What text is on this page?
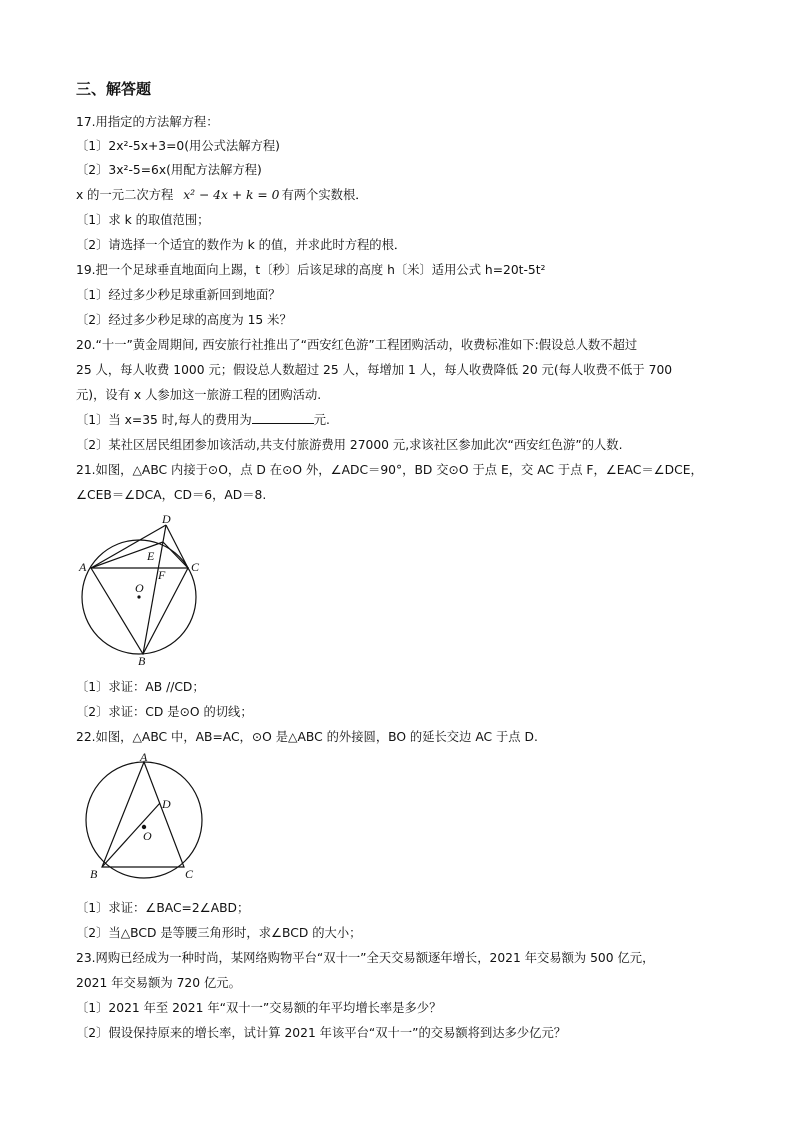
三、解答题
17.用指定的方法解方程：
〔1〕2x²-5x+3=0(用公式法解方程)
〔2〕3x²-5=6x(用配方法解方程)
x 的一元二次方程 x² − 4x + k = 0 有两个实数根．
〔1〕求 k 的取值范围；
〔2〕请选择一个适宜的数作为 k 的值，并求此时方程的根．
19.把一个足球垂直地面向上踢，t〔秒〕后该足球的高度 h〔米〕适用公式 h=20t-5t²
〔1〕经过多少秒足球重新回到地面？
〔2〕经过多少秒足球的高度为 15 米？
20.“十一”黄金周期间, 西安旅行社推出了“西安红色游”工程团购活动，收费标准如下:假设总人数不超过
25 人，每人收费 1000 元；假设总人数超过 25 人，每增加 1 人，每人收费降低 20 元(每人收费不低于 700
元)，设有 x 人参加这一旅游工程的团购活动.
〔1〕当 x=35 时,每人的费用为	元.
〔2〕某社区居民组团参加该活动,共支付旅游费用 27000 元,求该社区参加此次“西安红色游”的人数.
21.如图，△ABC 内接于⊙O，点 D 在⊙O 外，∠ADC＝90°，BD 交⊙O 于点 E，交 AC 于点 F，∠EAC＝∠DCE，
∠CEB＝∠DCA，CD＝6，AD＝8.
A	C
D
E
F
O
B
〔1〕求证：AB //CD；
〔2〕求证：CD 是⊙O 的切线；
22.如图，△ABC 中，AB=AC，⊙O 是△ABC 的外接圆，BO 的延长交边 AC 于点 D.
A
D
O
B	C
〔1〕求证：∠BAC=2∠ABD；
〔2〕当△BCD 是等腰三角形时，求∠BCD 的大小；
23.网购已经成为一种时尚，某网络购物平台“双十一”全天交易额逐年增长，2021 年交易额为 500 亿元，
2021 年交易额为 720 亿元。
〔1〕2021 年至 2021 年“双十一”交易额的年平均增长率是多少？
〔2〕假设保持原来的增长率，试计算 2021 年该平台“双十一”的交易额将到达多少亿元？
